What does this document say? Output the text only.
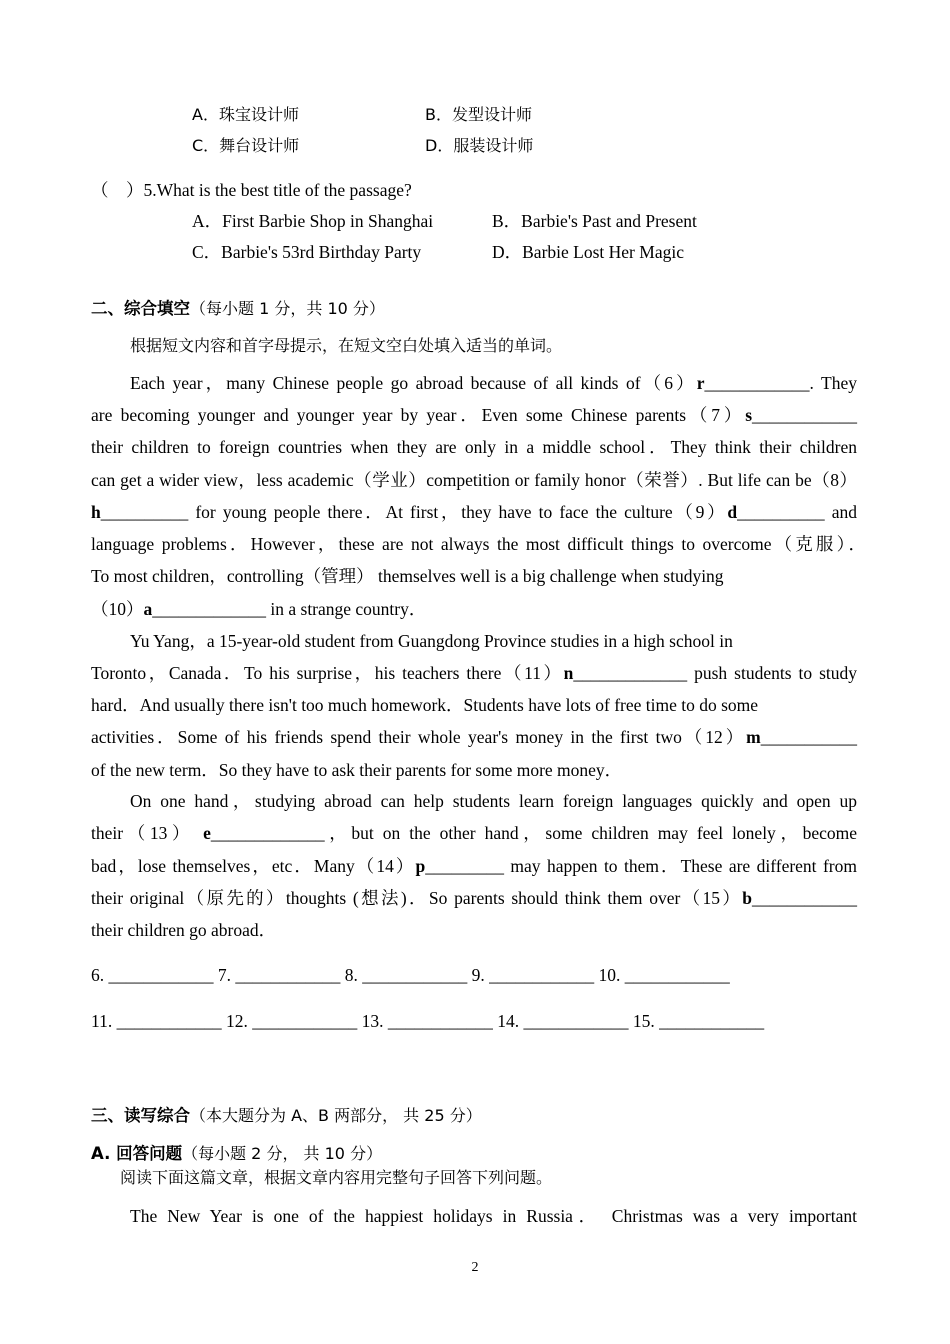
A．珠宝设计师	B．发型设计师
C．舞台设计师	D．服装设计师
（　）5.What is the best title of the passage?
A．First Barbie Shop in Shanghai	B．Barbie's Past and Present
C．Barbie's 53rd Birthday Party	D．Barbie Lost Her Magic
二、综合填空（每小题 1 分，共 10 分）
根据短文内容和首字母提示，在短文空白处填入适当的单词。
Each year，many Chinese people go abroad because of all kinds of（6）r____________. They
are becoming younger and younger year by year．Even some Chinese parents（7）s____________
their children to foreign countries when they are only in a middle school．They think their children
can get a wider view，less academic（学业）competition or family honor（荣誉）. But life can be（8）
h__________ for young people there．At first，they have to face the culture（9）d__________ and
language problems．However，these are not always the most difficult things to overcome（克服）．
To most children，controlling（管理） themselves well is a big challenge when studying
（10）a_____________ in a strange country．
Yu Yang，a 15-year-old student from Guangdong Province studies in a high school in
Toronto，Canada．To his surprise，his teachers there（11）n_____________ push students to study
hard．And usually there isn't too much homework．Students have lots of free time to do some
activities．Some of his friends spend their whole year's money in the first two（12）m___________
of the new term．So they have to ask their parents for some more money．
On one hand，studying abroad can help students learn foreign languages quickly and open up
their（13） e_____________，but on the other hand，some children may feel lonely，become
bad，lose themselves，etc．Many（14）p_________ may happen to them．These are different from
their original（原先的）thoughts (想法)．So parents should think them over（15）b____________
their children go abroad．
6. ____________ 7. ____________ 8. ____________ 9. ____________ 10. ____________
11. ____________ 12. ____________ 13. ____________ 14. ____________ 15. ____________
三、读写综合（本大题分为 A、B 两部分， 共 25 分）
A. 回答问题（每小题 2 分， 共 10 分）
阅读下面这篇文章，根据文章内容用完整句子回答下列问题。
The New Year is one of the happiest holidays in Russia． Christmas was a very important
2
